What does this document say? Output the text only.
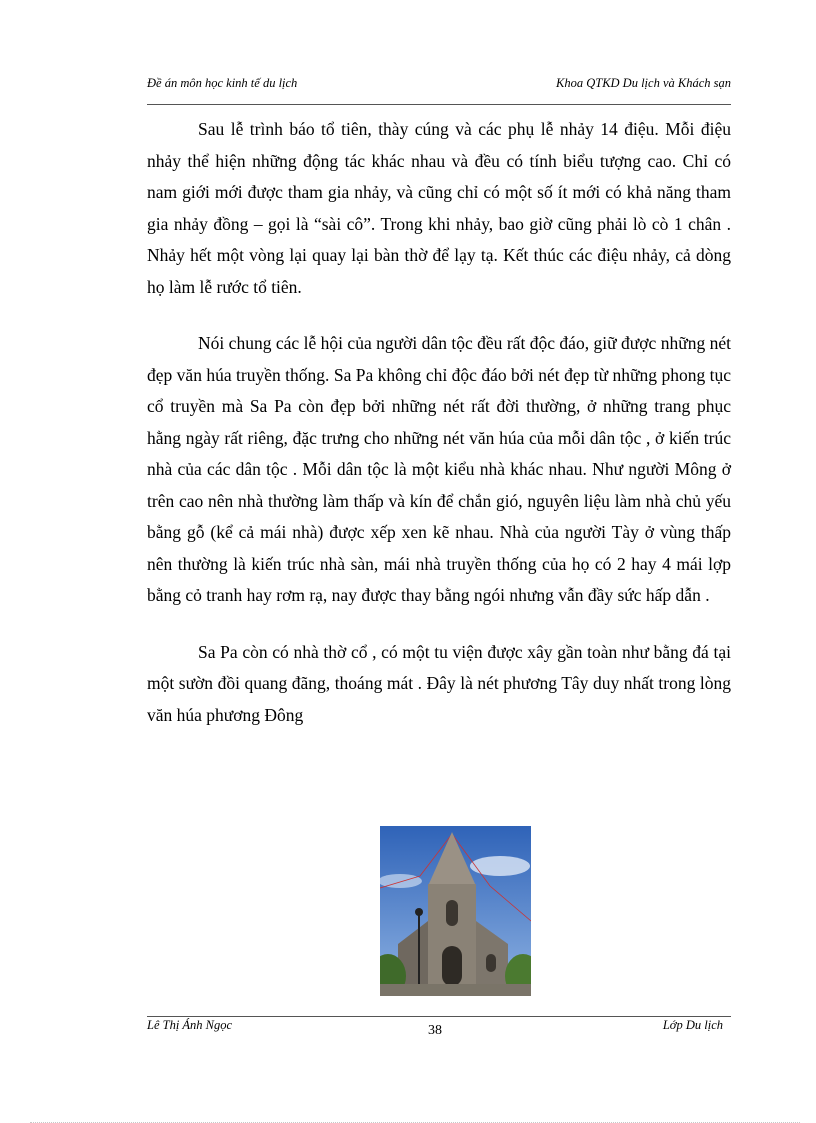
Đề án môn học kinh tế du lịch	Khoa QTKD Du lịch và Khách sạn

Sau lễ trình báo tổ tiên, thày cúng và các phụ lễ nhảy 14 điệu. Mỗi điệu nhảy thể hiện những động tác khác nhau và đều có tính biểu tượng cao. Chỉ có nam giới mới được tham gia nhảy, và cũng chỉ có một số ít mới có khả năng tham gia nhảy đồng – gọi là “sài cô”. Trong khi nhảy, bao giờ cũng phải lò cò 1 chân . Nhảy hết một vòng lại quay lại bàn thờ để lạy tạ. Kết thúc các điệu nhảy, cả dòng họ làm lễ rước tổ tiên.

Nói chung các lễ hội của người dân tộc đều rất độc đáo, giữ được những nét đẹp văn húa truyền thống. Sa Pa không chỉ độc đáo bởi nét đẹp từ những phong tục cổ truyền mà Sa Pa còn đẹp bởi những nét rất đời thường, ở những trang phục hằng ngày rất riêng, đặc trưng cho những nét văn húa của mỗi dân tộc , ở kiến trúc nhà của các dân tộc . Mỗi dân tộc là một kiểu nhà khác nhau. Như người Mông ở trên cao nên nhà thường làm thấp và kín để chắn gió, nguyên liệu làm nhà chủ yếu bằng gỗ (kể cả mái nhà) được xếp xen kẽ nhau. Nhà của người Tày ở vùng thấp nên thường là kiến trúc nhà sàn, mái nhà truyền thống của họ có 2 hay 4 mái lợp bằng cỏ tranh hay rơm rạ, nay được thay bằng ngói nhưng vẫn đầy sức hấp dẫn .

Sa Pa còn có nhà thờ cổ , có một tu viện được xây gần toàn như bằng đá tại một sườn đồi quang đãng, thoáng mát . Đây là nét phương Tây duy nhất trong lòng văn húa phương Đông

Lê Thị Ánh Ngọc	38	Lớp Du lịch
